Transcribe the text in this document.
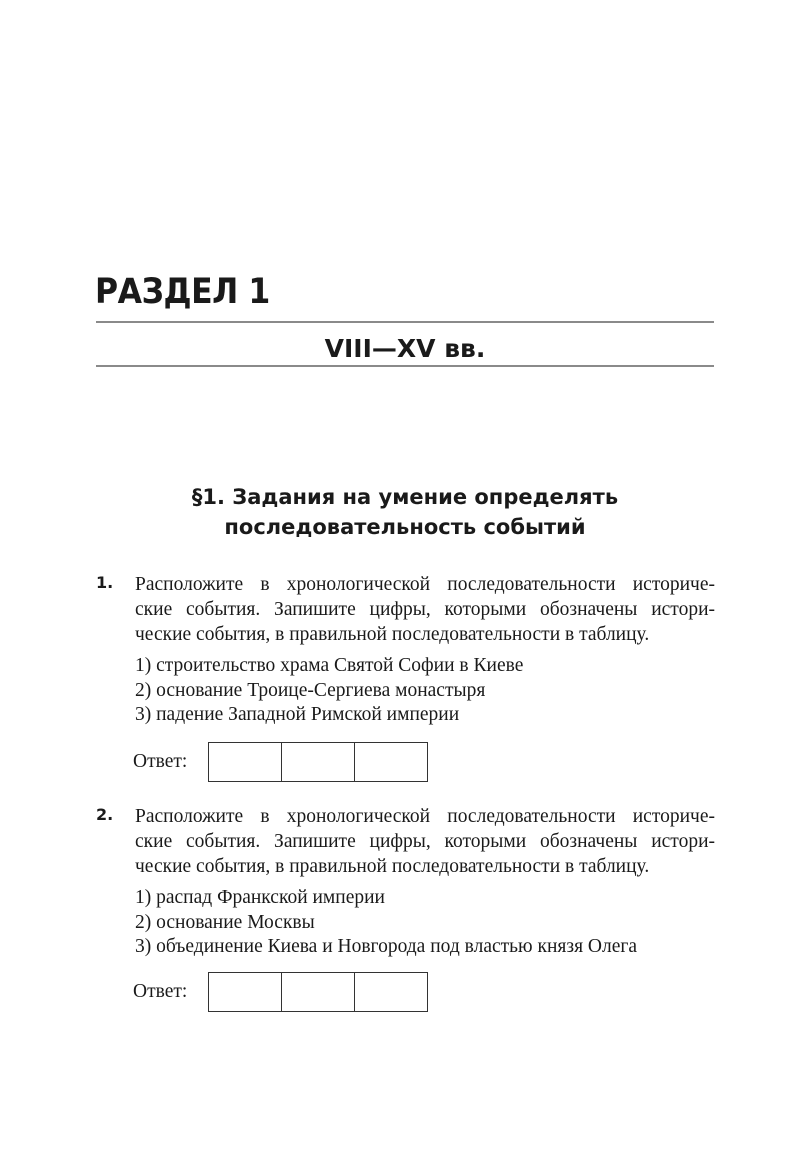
РАЗДЕЛ 1
VIII—XV вв.
§1. Задания на умение определять
последовательность событий
1. Расположите в хронологической последовательности историче-
ские события. Запишите цифры, которыми обозначены истори-
ческие события, в правильной последовательности в таблицу.
1) строительство храма Святой Софии в Киеве
2) основание Троице-Сергиева монастыря
3) падение Западной Римской империи
Ответ:
2. Расположите в хронологической последовательности историче-
ские события. Запишите цифры, которыми обозначены истори-
ческие события, в правильной последовательности в таблицу.
1) распад Франкской империи
2) основание Москвы
3) объединение Киева и Новгорода под властью князя Олега
Ответ:
